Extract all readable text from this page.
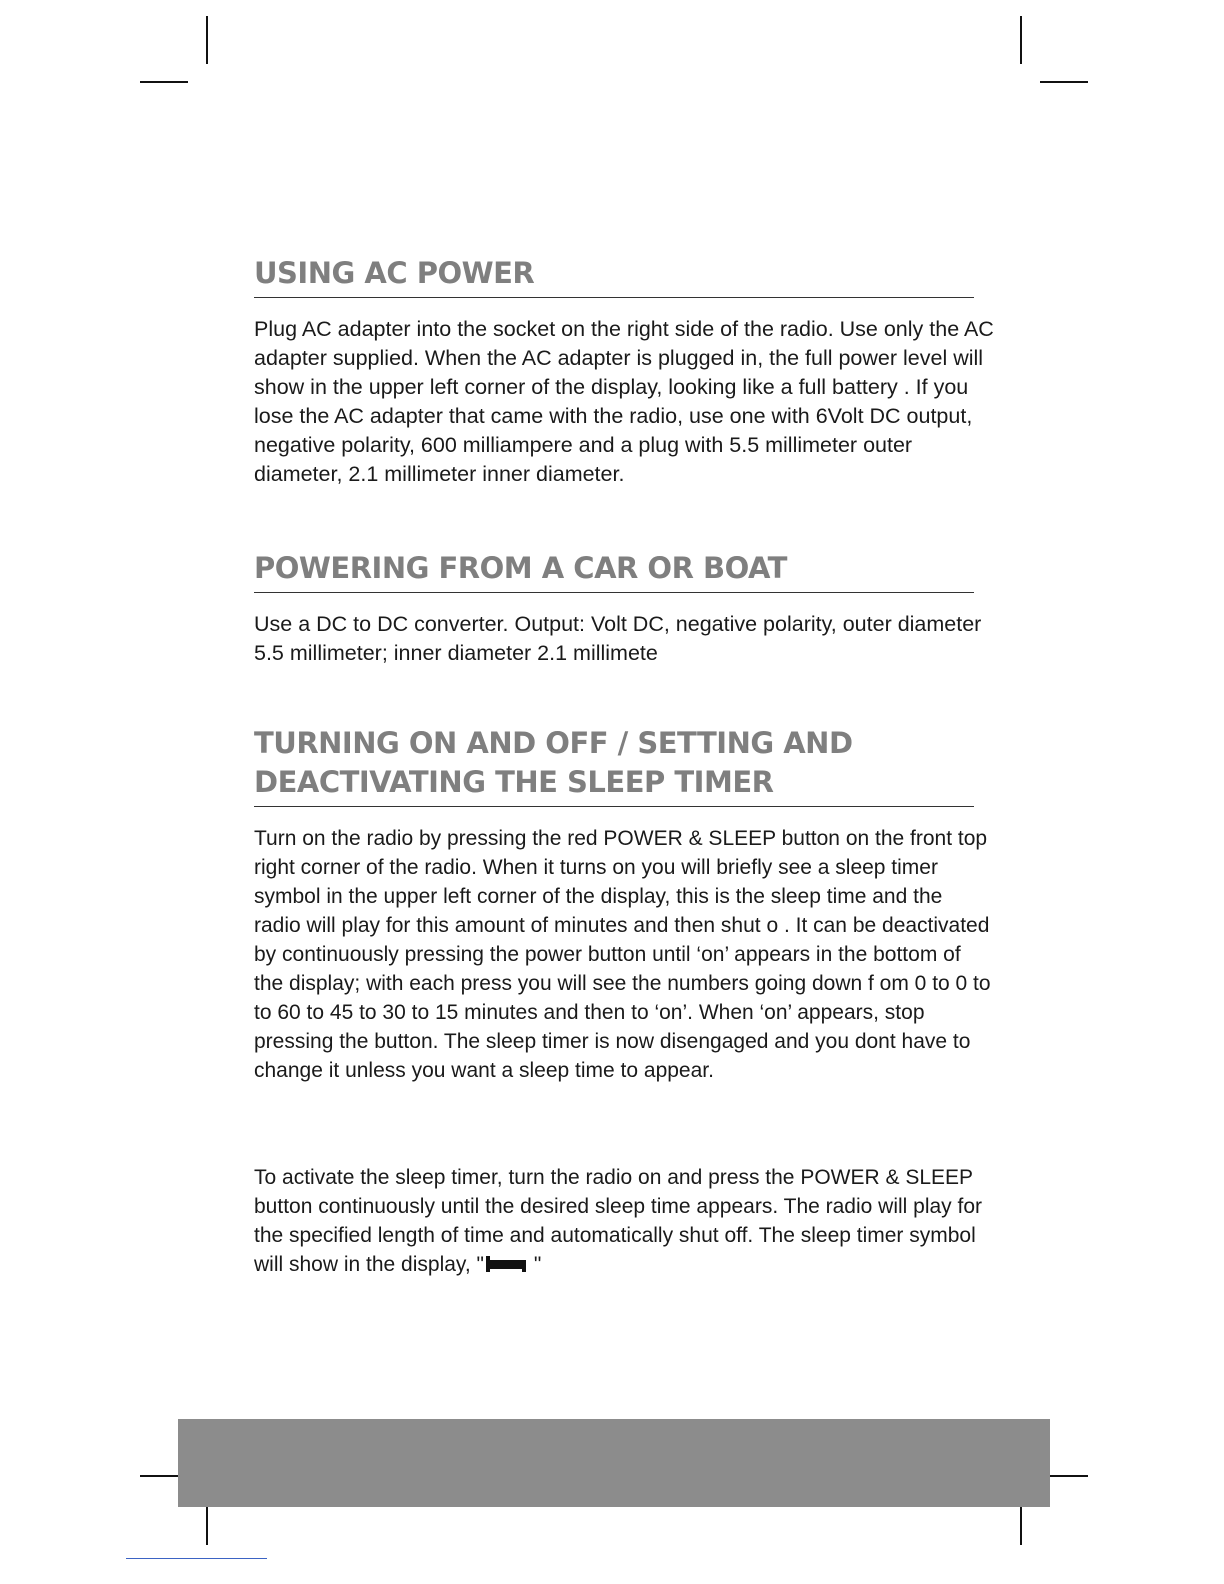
USING AC POWER

Plug AC adapter into the socket on the right side of the radio. Use only the AC adapter supplied. When the AC adapter is plugged in, the full power level will show in the upper left corner of the display, looking like a full battery . If you lose the AC adapter that came with the radio, use one with 6Volt DC output, negative polarity, 600 milliampere and a plug with 5.5 millimeter outer diameter, 2.1 millimeter inner diameter.

POWERING FROM A CAR OR BOAT

Use a DC to DC converter. Output: Volt DC, negative polarity, outer diameter 5.5 millimeter; inner diameter 2.1 millimete

TURNING ON AND OFF / SETTING AND DEACTIVATING THE SLEEP TIMER

Turn on the radio by pressing the red POWER & SLEEP button on the front top right corner of the radio. When it turns on you will briefly see a sleep timer symbol in the upper left corner of the display, this is the sleep time and the radio will play for this amount of minutes and then shut o . It can be deactivated by continuously pressing the power button until ‘on’ appears in the bottom of the display; with each press you will see the numbers going down f om 0 to 0 to to 60 to 45 to 30 to 15 minutes and then to ‘on’. When ‘on’ appears, stop pressing the button. The sleep timer is now disengaged and you dont have to change it unless you want a sleep time to appear.

To activate the sleep timer, turn the radio on and press the POWER & SLEEP button continuously until the desired sleep time appears. The radio will play for the specified length of time and automatically shut off. The sleep timer symbol will show in the display, "
"
